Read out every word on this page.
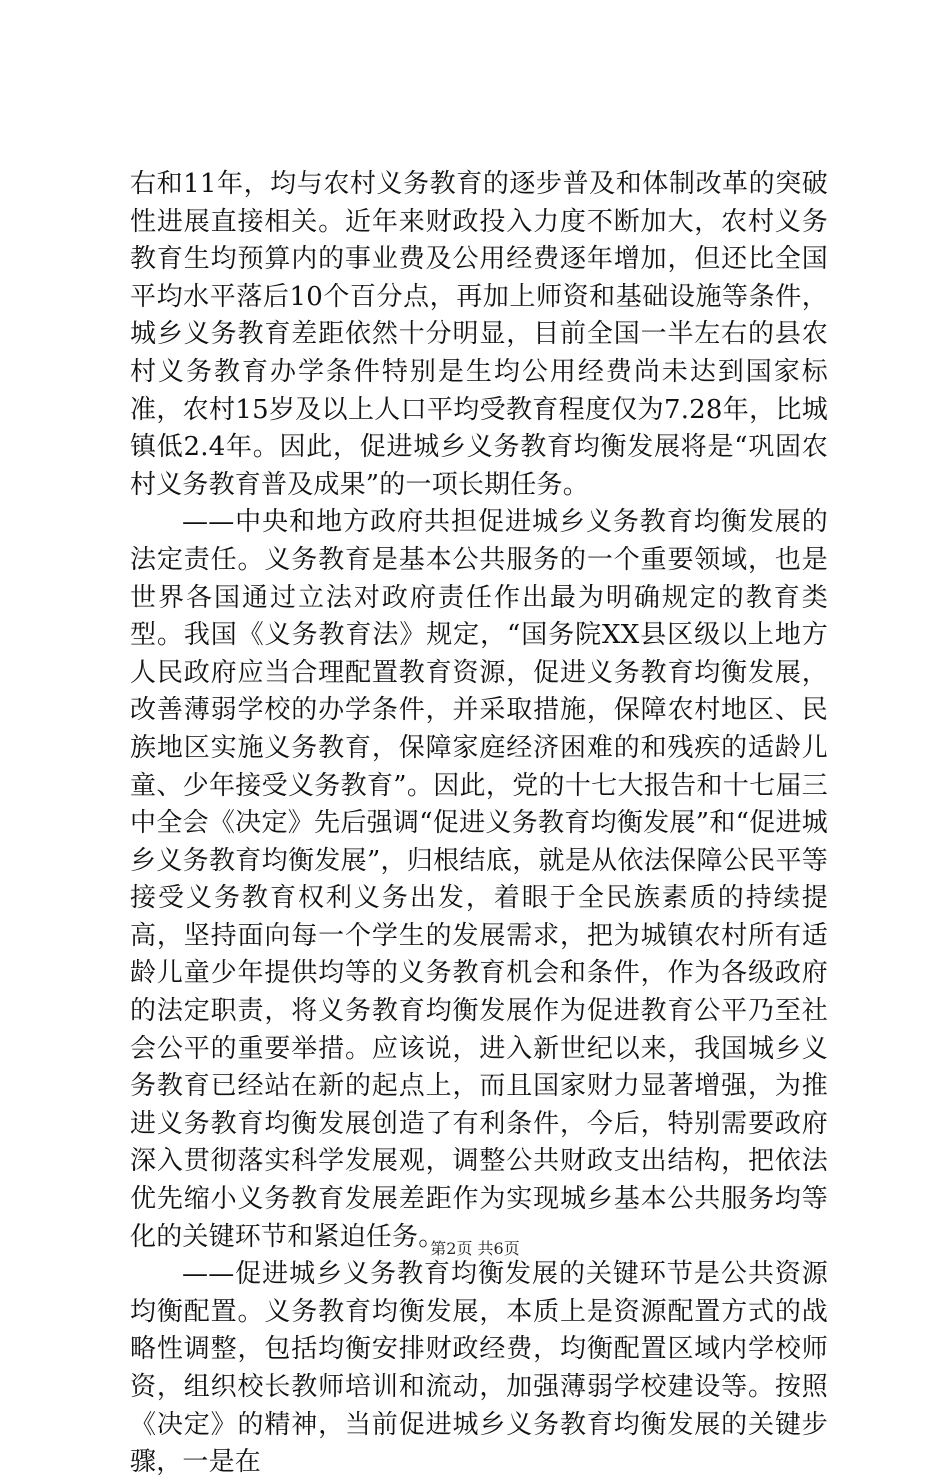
右和11年，均与农村义务教育的逐步普及和体制改革的突破性进展直接相关。近年来财政投入力度不断加大，农村义务教育生均预算内的事业费及公用经费逐年增加，但还比全国平均水平落后10个百分点，再加上师资和基础设施等条件，城乡义务教育差距依然十分明显，目前全国一半左右的县农村义务教育办学条件特别是生均公用经费尚未达到国家标准，农村15岁及以上人口平均受教育程度仅为7.28年，比城镇低2.4年。因此，促进城乡义务教育均衡发展将是“巩固农村义务教育普及成果”的一项长期任务。

——中央和地方政府共担促进城乡义务教育均衡发展的法定责任。义务教育是基本公共服务的一个重要领域，也是世界各国通过立法对政府责任作出最为明确规定的教育类型。我国《义务教育法》规定，“国务院XX县区级以上地方人民政府应当合理配置教育资源，促进义务教育均衡发展，改善薄弱学校的办学条件，并采取措施，保障农村地区、民族地区实施义务教育，保障家庭经济困难的和残疾的适龄儿童、少年接受义务教育”。因此，党的十七大报告和十七届三中全会《决定》先后强调“促进义务教育均衡发展”和“促进城乡义务教育均衡发展”，归根结底，就是从依法保障公民平等接受义务教育权利义务出发，着眼于全民族素质的持续提高，坚持面向每一个学生的发展需求，把为城镇农村所有适龄儿童少年提供均等的义务教育机会和条件，作为各级政府的法定职责，将义务教育均衡发展作为促进教育公平乃至社会公平的重要举措。应该说，进入新世纪以来，我国城乡义务教育已经站在新的起点上，而且国家财力显著增强，为推进义务教育均衡发展创造了有利条件，今后，特别需要政府深入贯彻落实科学发展观，调整公共财政支出结构，把依法优先缩小义务教育发展差距作为实现城乡基本公共服务均等化的关键环节和紧迫任务。

——促进城乡义务教育均衡发展的关键环节是公共资源均衡配置。义务教育均衡发展，本质上是资源配置方式的战略性调整，包括均衡安排财政经费，均衡配置区域内学校师资，组织校长教师培训和流动，加强薄弱学校建设等。按照《决定》的精神，当前促进城乡义务教育均衡发展的关键步骤，一是在

第2页 共6页
